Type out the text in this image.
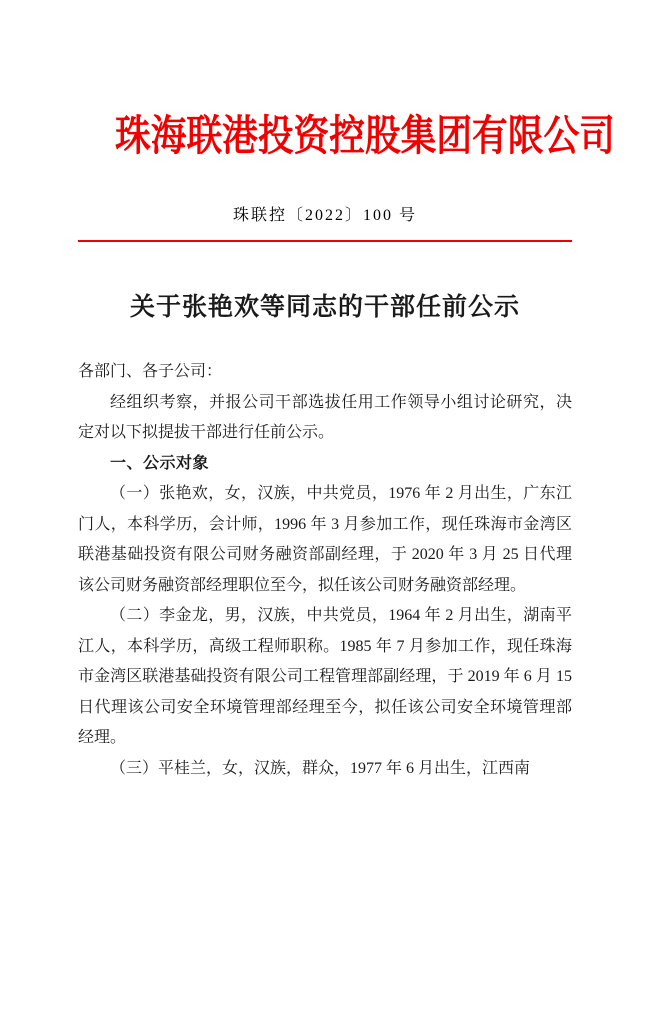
珠海联港投资控股集团有限公司
珠联控〔2022〕100 号
关于张艳欢等同志的干部任前公示

各部门、各子公司：

经组织考察，并报公司干部选拔任用工作领导小组讨论研究，决定对以下拟提拔干部进行任前公示。

一、公示对象

（一）张艳欢，女，汉族，中共党员，1976 年 2 月出生，广东江门人，本科学历，会计师，1996 年 3 月参加工作，现任珠海市金湾区联港基础投资有限公司财务融资部副经理，于 2020 年 3 月 25 日代理该公司财务融资部经理职位至今，拟任该公司财务融资部经理。

（二）李金龙，男，汉族，中共党员，1964 年 2 月出生，湖南平江人，本科学历，高级工程师职称。1985 年 7 月参加工作，现任珠海市金湾区联港基础投资有限公司工程管理部副经理，于 2019 年 6 月 15 日代理该公司安全环境管理部经理至今，拟任该公司安全环境管理部经理。

（三）平桂兰，女，汉族，群众，1977 年 6 月出生，江西南
